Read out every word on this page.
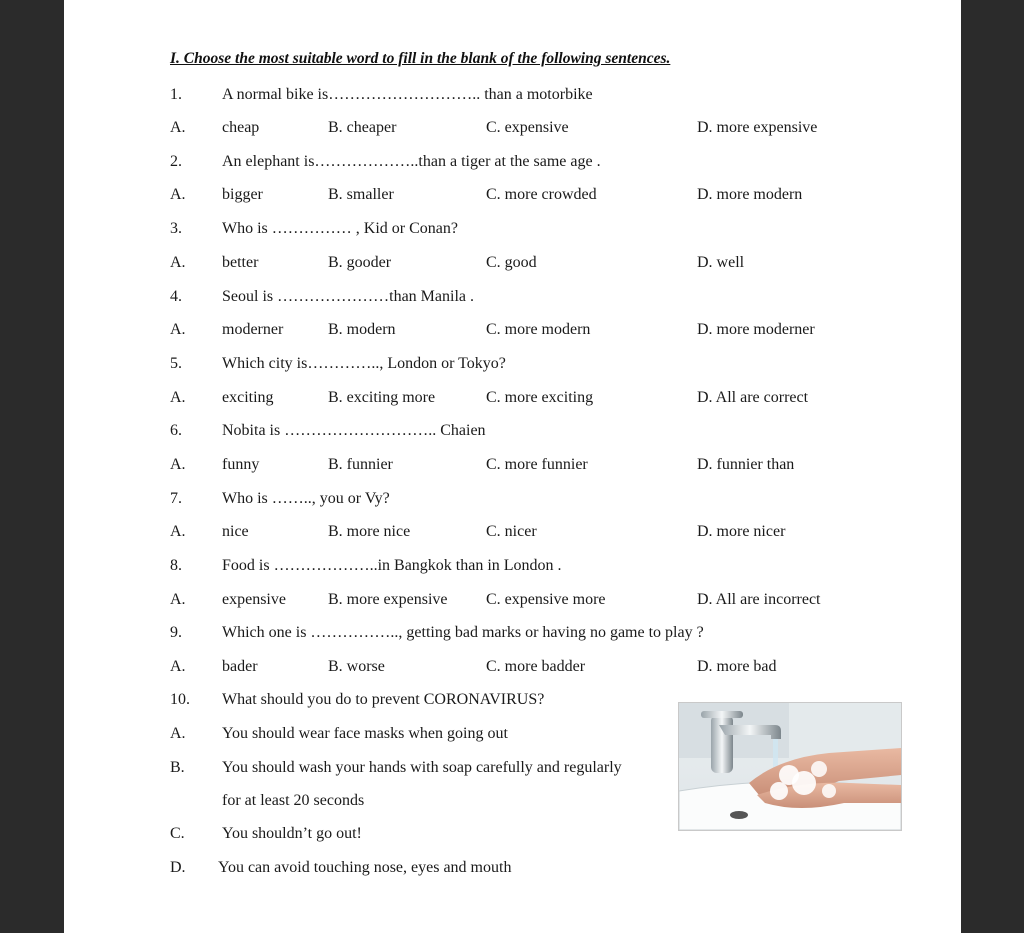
I. Choose the most suitable word to fill in the blank of the following sentences.
1.	A normal bike is……………………….. than a motorbike
A. cheap	B. cheaper	C. expensive	D. more expensive
2.	An elephant is………………..than a tiger at the same age .
A. bigger	B. smaller	C. more crowded	D. more modern
3.	Who is …………… , Kid or Conan?
A. better	B. gooder	C. good	D. well
4.	Seoul is …………………than Manila .
A. moderner	B. modern	C. more modern	D. more moderner
5.	Which city is………….., London or Tokyo?
A. exciting	B. exciting more	C. more exciting	D. All are correct
6.	Nobita is ……………………….. Chaien
A. funny	B. funnier	C. more funnier	D. funnier than
7.	Who is …….., you or Vy?
A. nice	B. more nice	C. nicer	D. more nicer
8.	Food is ………………..in Bangkok than in London .
A. expensive	B. more expensive C. expensive more	D. All are incorrect
9.	Which one is …………….., getting bad marks or having no game to play ?
A. bader	B. worse	C. more badder	D. more bad
10. What should you do to prevent CORONAVIRUS?
A. You should wear face masks when going out
B. You should wash your hands with soap carefully and regularly
for at least 20 seconds
C. You shouldn’t go out!
D. You can avoid touching nose, eyes and mouth
